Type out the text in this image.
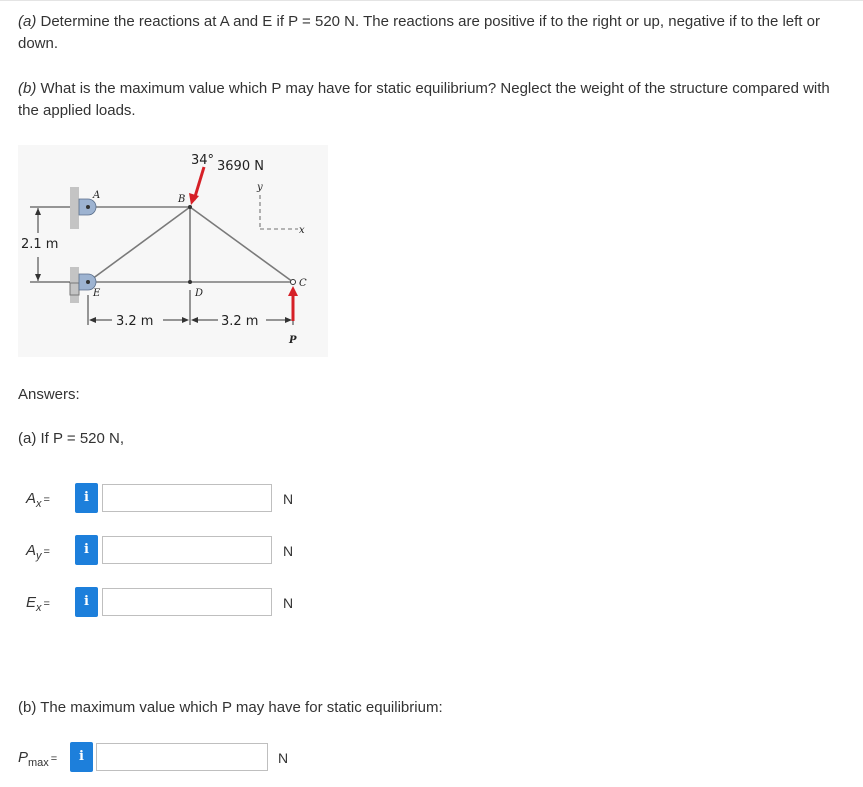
(a) Determine the reactions at A and E if P = 520 N. The reactions are positive if to the right or up, negative if to the left or down.
(b) What is the maximum value which P may have for static equilibrium? Neglect the weight of the structure compared with the applied loads.
2.1 m
3.2 m	3.2 m
34° 3690 N
P
y
x
A	B
C
D
E
Answers:
(a) If P = 520 N,
$A_x$ =	i	N
$A_y$ =	i	N
$E_x$ =	i	N
(b) The maximum value which P may have for static equilibrium:
$P_{max}$ =	i	N
